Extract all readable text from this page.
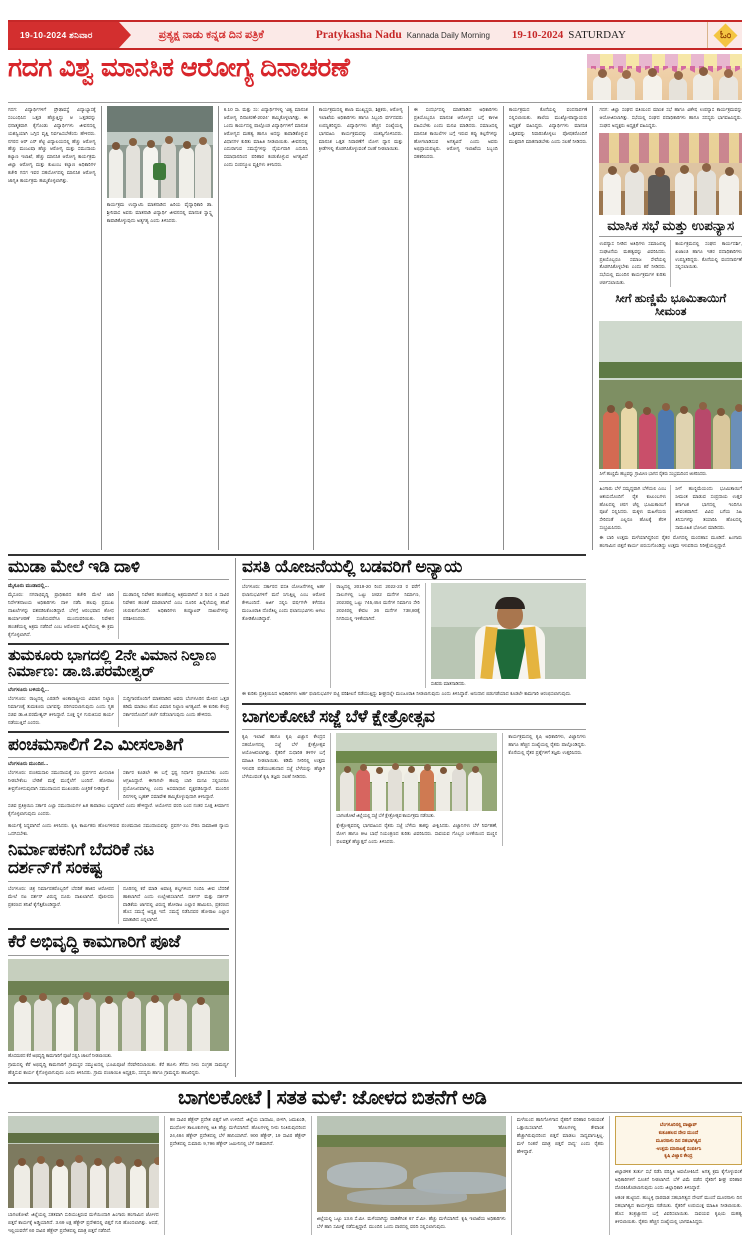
19-10-2024 ಶನಿವಾರ	ಪ್ರತ್ಯಕ್ಷ ನಾಡು ಕನ್ನಡ ದಿನ ಪತ್ರಿಕೆ	Pratykasha Nadu Kannada Daily Morning 19-10-2024 SATURDAY	ಓಂ
ಗದಗ ವಿಶ್ವ ಮಾನಸಿಕ ಆರೋಗ್ಯ ದಿನಾಚರಣೆ
ಗದಗ: ವಿದ್ಯಾರ್ಥಿಗಳಿಗೆ ಪ್ರೌಢಾವಸ್ಥೆ ವಿದ್ಯಾಭ್ಯಾಸಕ್ಕೆ ಸಂಬಂಧಿಸಿದ ಒತ್ತಡ ಹೆಚ್ಚುತ್ತಿದ್ದು ಆ ಒತ್ತಡವನ್ನು ಧನಾತ್ಮಕವಾಗಿ ಕೈಗೊಂಡು ವಿದ್ಯಾರ್ಥಿಗಳು ಜೀವನದಲ್ಲಿ ಯಶಸ್ವಿಯಾಗಿ ಒಗ್ಗಿದ ವೃತ್ತಿ ನಿರ್ವಹಿಸಬೇಕೆಂದು ಹೇಳಿದರು. ನಗರದ ಆರ್ ಎನ್ ಶೆಟ್ಟಿ ವಿದ್ಯಾಲಯದಲ್ಲಿ ಹೆಚ್ಚು ಆರೋಗ್ಯ ಹೆಚ್ಚು ಮಂಜುಷಾ ಹೆಚ್ಚು ಆರೋಗ್ಯ ಮತ್ತು ಸಮುದಾಯ ಕಲ್ಯಾಣ ಇಲಾಖೆ, ಹೆಚ್ಚು ಮಾನಸಿಕ ಆರೋಗ್ಯ ಕಾರ್ಯಕ್ರಮ ಜಿಲ್ಲಾ ಆರೋಗ್ಯ ಮತ್ತು ಕುಟುಂಬ ಕಲ್ಯಾಣ ಅಧಿಕಾರಿಗಳ ಕಚೇರಿ ಗದಗ ಇವರ ಸಹಯೋಗದಲ್ಲಿ ಮಾನಸಿಕ ಆರೋಗ್ಯ ಜಾಗೃತಿ ಕಾರ್ಯಕ್ರಮ ಹಮ್ಮಿಕೊಳ್ಳಲಾಗಿತ್ತು.
ಕಾರ್ಯಕ್ರಮ ಉದ್ಘಾಟಿಸಿ ಮಾತನಾಡಿದ ಹಿರಿಯ ವೈದ್ಯಾಧಿಕಾರಿ ಡಾ. ಶ್ರೀನಿವಾಸ ಅವರು ಮಾತನಾಡಿ ವಿದ್ಯಾರ್ಥಿ ಜೀವನದಲ್ಲಿ ಮಾನಸಿಕ ಸ್ವಾಸ್ಥ್ಯ ಕಾಪಾಡಿಕೊಳ್ಳುವುದು ಅತ್ಯಗತ್ಯ ಎಂದು ತಿಳಿಸಿದರು.
6.10 ಸಾ. ಮತ್ತು ಸಂ: ವಿದ್ಯಾರ್ಥಿಗಳಲ್ಲಿ 'ವಿಶ್ವ ಮಾನಸಿಕ ಆರೋಗ್ಯ ದಿನಾಚರಣೆ-2024' ಹಮ್ಮಿಕೊಳ್ಳಲಾಗಿತ್ತು. ಈ ಒಂದು ಕಾರ್ಯದಲ್ಲಿ ಪಾಲ್ಗೊಂಡ ವಿದ್ಯಾರ್ಥಿಗಳಿಗೆ ಮಾನಸಿಕ ಆರೋಗ್ಯದ ಮಹತ್ವ ಹಾಗೂ ಅದನ್ನು ಕಾಪಾಡಿಕೊಳ್ಳುವ ವಿಧಾನಗಳ ಕುರಿತು ಮಾಹಿತಿ ನೀಡಲಾಯಿತು. ಜೀವನದಲ್ಲಿ ಎದುರಾಗುವ ಸಮಸ್ಯೆಗಳನ್ನು ಧೈರ್ಯವಾಗಿ ಎದುರಿಸಿ ಸಮಾಧಾನದಿಂದ ಪರಿಹಾರ ಕಂಡುಕೊಳ್ಳುವ ಅಗತ್ಯವಿದೆ ಎಂದು ಸಂಪನ್ಮೂಲ ವ್ಯಕ್ತಿಗಳು ತಿಳಿಸಿದರು.
ಕಾರ್ಯಕ್ರಮದಲ್ಲಿ ಶಾಲಾ ಮುಖ್ಯಸ್ಥರು, ಶಿಕ್ಷಕರು, ಆರೋಗ್ಯ ಇಲಾಖೆಯ ಅಧಿಕಾರಿಗಳು ಹಾಗೂ ಸಿಬ್ಬಂದಿ ವರ್ಗದವರು ಉಪಸ್ಥಿತರಿದ್ದರು. ವಿದ್ಯಾರ್ಥಿಗಳು ಹೆಚ್ಚಿನ ಸಂಖ್ಯೆಯಲ್ಲಿ ಭಾಗವಹಿಸಿ ಕಾರ್ಯಕ್ರಮವನ್ನು ಯಶಸ್ವಿಗೊಳಿಸಿದರು. ಮಾನಸಿಕ ಒತ್ತಡ ನಿವಾರಣೆಗೆ ಯೋಗ ಧ್ಯಾನ ಮತ್ತು ಕ್ರೀಡೆಗಳಲ್ಲಿ ತೊಡಗಿಸಿಕೊಳ್ಳುವಂತೆ ಸಲಹೆ ನೀಡಲಾಯಿತು.
ಈ ಸಂದರ್ಭದಲ್ಲಿ ಮಾತನಾಡಿದ ಅಧಿಕಾರಿಗಳು ಪ್ರತಿಯೊಬ್ಬರೂ ಮಾನಸಿಕ ಆರೋಗ್ಯದ ಬಗ್ಗೆ ಕಾಳಜಿ ವಹಿಸಬೇಕು ಎಂದು ಮನವಿ ಮಾಡಿದರು. ಸಮಾಜದಲ್ಲಿ ಮಾನಸಿಕ ಕಾಯಿಲೆಗಳ ಬಗ್ಗೆ ಇರುವ ತಪ್ಪು ಕಲ್ಪನೆಗಳನ್ನು ಹೋಗಲಾಡಿಸುವ ಅಗತ್ಯವಿದೆ ಎಂದು ಅವರು ಅಭಿಪ್ರಾಯಪಟ್ಟರು. ಆರೋಗ್ಯ ಇಲಾಖೆಯ ಸಿಬ್ಬಂದಿ ಸಹಕರಿಸಿದರು.
ಕಾರ್ಯಕ್ರಮದ ಕೊನೆಯಲ್ಲಿ ವಂದನಾರ್ಪಣೆ ಸಲ್ಲಿಸಲಾಯಿತು. ಶಾಲೆಯ ಮುಖ್ಯೋಪಾಧ್ಯಾಯರು ಅಧ್ಯಕ್ಷತೆ ವಹಿಸಿದ್ದರು. ವಿದ್ಯಾರ್ಥಿಗಳು ಮಾನಸಿಕ ಒತ್ತಡವನ್ನು ನಿವಾರಿಸಿಕೊಳ್ಳಲು ಪೋಷಕರೊಂದಿಗೆ ಮುಕ್ತವಾಗಿ ಮಾತನಾಡಬೇಕು ಎಂದು ಸಲಹೆ ನೀಡಿದರು.
ಗದಗ: ಜಿಲ್ಲಾ ಸಂಘದ ವತಿಯಿಂದ ಮಾಸಿಕ ಸಭೆ ಹಾಗೂ ವಿಶೇಷ ಉಪನ್ಯಾಸ ಕಾರ್ಯಕ್ರಮವನ್ನು ಆಯೋಜಿಸಲಾಗಿತ್ತು. ಸಭೆಯಲ್ಲಿ ಸಂಘದ ಪದಾಧಿಕಾರಿಗಳು ಹಾಗೂ ಸದಸ್ಯರು ಭಾಗವಹಿಸಿದ್ದರು. ಸಂಘದ ಅಧ್ಯಕ್ಷರು ಅಧ್ಯಕ್ಷತೆ ವಹಿಸಿದ್ದರು.
ಮಾಸಿಕ ಸಭೆ ಮತ್ತು ಉಪನ್ಯಾಸ
ಉಪನ್ಯಾಸ ನೀಡಿದ ಅತಿಥಿಗಳು ಸಮಾಜದಲ್ಲಿ ಸಂಘಟನೆಯ ಮಹತ್ವವನ್ನು ವಿವರಿಸಿದರು. ಪ್ರತಿಯೊಬ್ಬರೂ ಸಮಾಜ ಸೇವೆಯಲ್ಲಿ ತೊಡಗಿಸಿಕೊಳ್ಳಬೇಕು ಎಂದು ಕರೆ ನೀಡಿದರು. ಸಭೆಯಲ್ಲಿ ಮುಂದಿನ ಕಾರ್ಯಕ್ರಮಗಳ ಕುರಿತು ಚರ್ಚಿಸಲಾಯಿತು.
ಕಾರ್ಯಕ್ರಮದಲ್ಲಿ ಸಂಘದ ಕಾರ್ಯದರ್ಶಿ, ಖಜಾಂಚಿ ಹಾಗೂ ಇತರ ಪದಾಧಿಕಾರಿಗಳು ಉಪಸ್ಥಿತರಿದ್ದರು. ಕೊನೆಯಲ್ಲಿ ವಂದನಾರ್ಪಣೆ ಸಲ್ಲಿಸಲಾಯಿತು.
ಸೀಗೆ ಹುಣ್ಣಿಮೆ ಭೂಮಿತಾಯಿಗೆ ಸೀಮಂತ
ಸೀಗೆ ಹುಣ್ಣಿಮೆ ಹಬ್ಬವನ್ನು ಗ್ರಾಮೀಣ ಭಾಗದ ರೈತರು ಸಂಭ್ರಮದಿಂದ ಆಚರಿಸಿದರು.
ಹಿಂಗಾರು ಬೆಳೆ ಸಮೃದ್ಧವಾಗಿ ಬೆಳೆಯಲಿ ಎಂಬ ಆಶಯದೊಂದಿಗೆ ರೈತ ಕುಟುಂಬಗಳು ಹೊಲದಲ್ಲಿ ಚರಗ ಚೆಲ್ಲಿ ಭೂಮಿತಾಯಿಗೆ ಪೂಜೆ ಸಲ್ಲಿಸಿದರು. ಮಕ್ಕಳು ಮಹಿಳೆಯರು ಸೇರಿದಂತೆ ಎಲ್ಲರೂ ಹೊಲಕ್ಕೆ ತೆರಳಿ ಸಂಭ್ರಮಿಸಿದರು.
ಸೀಗೆ ಹುಣ್ಣಿಮೆಯಂದು ಭೂಮಿತಾಯಿಗೆ ಸೀಮಂತ ಮಾಡುವ ಸಂಪ್ರದಾಯ ಉತ್ತರ ಕರ್ನಾಟಕ ಭಾಗದಲ್ಲಿ ಇಂದಿಗೂ ಜೀವಂತವಾಗಿದೆ. ವಿವಿಧ ಬಗೆಯ ಸಿಹಿ ತಿನಿಸುಗಳನ್ನು ತಯಾರಿಸಿ ಹೊಲದಲ್ಲಿ ಸಾಮೂಹಿಕ ಭೋಜನ ಮಾಡಿದರು.
ಈ ಬಾರಿ ಉತ್ತಮ ಮಳೆಯಾಗಿದ್ದರಿಂದ ರೈತರ ಮೊಗದಲ್ಲಿ ಮಂದಹಾಸ ಮೂಡಿದೆ. ಹಿಂಗಾರು ಹಂಗಾಮಿನ ಬಿತ್ತನೆ ಕಾರ್ಯ ಬಿರುಸುಗೊಂಡಿದ್ದು ಉತ್ತಮ ಇಳುವರಿಯ ನಿರೀಕ್ಷೆಯಲ್ಲಿದ್ದಾರೆ.
ಮುಡಾ ಮೇಲೆ ಇಡಿ ದಾಳಿ
ಮೈಸೂರು ಮುಡಾದಲ್ಲಿ...
ಮೈಸೂರು: ನಗರಾಭಿವೃದ್ಧಿ ಪ್ರಾಧಿಕಾರದ ಕಚೇರಿ ಮೇಲೆ ಜಾರಿ ನಿರ್ದೇಶನಾಲಯ ಅಧಿಕಾರಿಗಳು ದಾಳಿ ನಡೆಸಿ ಹಲವು ಪ್ರಮುಖ ದಾಖಲೆಗಳನ್ನು ವಶಪಡಿಸಿಕೊಂಡಿದ್ದಾರೆ. ಬೆಳಗ್ಗೆ ಆರಂಭವಾದ ಶೋಧ ಕಾರ್ಯಾಚರಣೆ ಸಂಜೆಯವರೆಗೂ ಮುಂದುವರಿಯಿತು. ನಿವೇಶನ ಹಂಚಿಕೆಯಲ್ಲಿ ಅಕ್ರಮ ನಡೆದಿದೆ ಎಂಬ ಆರೋಪದ ಹಿನ್ನೆಲೆಯಲ್ಲಿ ಈ ಕ್ರಮ ಕೈಗೊಳ್ಳಲಾಗಿದೆ.
ಮುಡಾದಲ್ಲಿ ನಿವೇಶನ ಹಂಚಿಕೆಯಲ್ಲಿ ಅಕ್ರಮವಾಗಿದೆ 3 ರಿಂದ 4 ಸಾವಿರ ನಿವೇಶನ ಹಂಚಿಕೆ ಮಾಡಲಾಗಿದೆ ಎಂಬ ದೂರಿನ ಹಿನ್ನೆಲೆಯಲ್ಲಿ ತನಿಖೆ ಚುರುಕುಗೊಂಡಿದೆ. ಅಧಿಕಾರಿಗಳು ಕಂಪ್ಯೂಟರ್ ದಾಖಲೆಗಳನ್ನು ಪರಿಶೀಲಿಸಿದರು.
ತುಮಕೂರು ಭಾಗದಲ್ಲಿ 2ನೇ ವಿಮಾನ ನಿಲ್ದಾಣ ನಿರ್ಮಾಣ: ಡಾ.ಜಿ.ಪರಮೇಶ್ವರ್
ಬೆಂಗಳೂರು ಬಳಿಯಲ್ಲಿ...
ಬೆಂಗಳೂರು: ರಾಜ್ಯದಲ್ಲಿ ಎರಡನೇ ಅಂತಾರಾಷ್ಟ್ರೀಯ ವಿಮಾನ ನಿಲ್ದಾಣ ನಿರ್ಮಾಣಕ್ಕೆ ತುಮಕೂರು ಭಾಗವನ್ನು ಪರಿಗಣಿಸಲಾಗುವುದು ಎಂದು ಗೃಹ ಸಚಿವ ಡಾ.ಜಿ.ಪರಮೇಶ್ವರ್ ತಿಳಿಸಿದ್ದಾರೆ. ಸೂಕ್ತ ಸ್ಥಳ ಗುರುತಿಸುವ ಕಾರ್ಯ ನಡೆಯುತ್ತಿದೆ ಎಂದರು.
ಸುದ್ದಿಗಾರರೊಂದಿಗೆ ಮಾತನಾಡಿದ ಅವರು ಬೆಂಗಳೂರಿನ ಮೇಲಿನ ಒತ್ತಡ ಕಡಿಮೆ ಮಾಡಲು ಹೊಸ ವಿಮಾನ ನಿಲ್ದಾಣ ಅಗತ್ಯವಿದೆ. ಈ ಕುರಿತು ಕೇಂದ್ರ ಸರ್ಕಾರದೊಂದಿಗೆ ಚರ್ಚೆ ನಡೆಸಲಾಗುವುದು ಎಂದು ಹೇಳಿದರು.
ಪಂಚಮಸಾಲಿಗೆ 2ಎ ಮೀಸಲಾತಿಗೆ
ಬೆಂಗಳೂರು ಮುಂದಿನ...
ಬೆಂಗಳೂರು: ಪಂಚಮಸಾಲಿ ಸಮುದಾಯಕ್ಕೆ 2ಎ ಪ್ರವರ್ಗದ ಮೀಸಲಾತಿ ನೀಡಬೇಕೆಂಬ ಬೇಡಿಕೆ ಮತ್ತೆ ಮುನ್ನೆಲೆಗೆ ಬಂದಿದೆ. ಹೋರಾಟ ತೀವ್ರಗೊಳಿಸುವುದಾಗಿ ಸಮುದಾಯದ ಮುಖಂಡರು ಎಚ್ಚರಿಕೆ ನೀಡಿದ್ದಾರೆ.
ಸರ್ಕಾರ ಕೂಡಲೇ ಈ ಬಗ್ಗೆ ಸ್ಪಷ್ಟ ನಿರ್ಧಾರ ಪ್ರಕಟಿಸಬೇಕು ಎಂದು ಆಗ್ರಹಿಸಿದ್ದಾರೆ. ಈಗಾಗಲೇ ಹಲವು ಬಾರಿ ಮನವಿ ಸಲ್ಲಿಸಿದರೂ ಪ್ರಯೋಜನವಾಗಿಲ್ಲ ಎಂದು ಅಸಮಾಧಾನ ವ್ಯಕ್ತಪಡಿಸಿದ್ದಾರೆ. ಮುಂದಿನ ದಿನಗಳಲ್ಲಿ ಬೃಹತ್ ಸಮಾವೇಶ ಹಮ್ಮಿಕೊಳ್ಳುವುದಾಗಿ ತಿಳಿಸಿದ್ದಾರೆ.
ಸಚಿವ ಪ್ರತಿಕ್ರಿಯಿಸಿ ಸರ್ಕಾರ ಎಲ್ಲಾ ಸಮುದಾಯಗಳ ಹಿತ ಕಾಪಾಡಲು ಬದ್ಧವಾಗಿದೆ ಎಂದು ಹೇಳಿದ್ದಾರೆ. ಆಯೋಗದ ವರದಿ ಬಂದ ನಂತರ ಸೂಕ್ತ ತೀರ್ಮಾನ ಕೈಗೊಳ್ಳಲಾಗುವುದು ಎಂದರು.
ಕಾರ್ಯಕ್ಕೆ ಸಿದ್ಧವಾಗಿದೆ ಎಂದು ತಿಳಿಸಿದರು. ಕೃಷಿ ಕಾರ್ಮಿಕರು ಹೊಲಗಳಿರುವ ಪಂಚಮಸಾಲಿ ಸಮುದಾಯವನ್ನು ಪ್ರವರ್ಗ-2ಎ ಸೇರಿಸಿ ಸಾಮಾಜಿಕ ನ್ಯಾಯ ಒದಗಿಸಬೇಕು.
ನಿರ್ಮಾಪಕನಿಗೆ ಬೆದರಿಕೆ ನಟ
ದರ್ಶನ್‌ಗೆ ಸಂಕಷ್ಟ
ಬೆಂಗಳೂರು: ಚಿತ್ರ ನಿರ್ಮಾಪಕರೊಬ್ಬರಿಗೆ ಬೆದರಿಕೆ ಹಾಕಿದ ಆರೋಪದ ಮೇಲೆ ನಟ ದರ್ಶನ್ ವಿರುದ್ಧ ದೂರು ದಾಖಲಾಗಿದೆ. ಪೊಲೀಸರು ಪ್ರಕರಣದ ತನಿಖೆ ಕೈಗೆತ್ತಿಕೊಂಡಿದ್ದಾರೆ.
ದೂರಿನಲ್ಲಿ ಕರೆ ಮಾಡಿ ಅವಾಚ್ಯ ಶಬ್ದಗಳಿಂದ ನಿಂದಿಸಿ ಜೀವ ಬೆದರಿಕೆ ಹಾಕಲಾಗಿದೆ ಎಂದು ಉಲ್ಲೇಖಿಸಲಾಗಿದೆ. ದರ್ಶನ್ ಮತ್ತು ದರ್ಶನ್ ವಾಡಿಕೆಯ ಜಾಗದಲ್ಲಿ ವಿರುದ್ಧ ಹೋರಾಟ ಎಲ್ಲಾರ ಹಾಮಿಲಿಸಿ, ಪ್ರಕರಣದ ಹೊಸ ಸಮಸ್ಯೆ ಅಧ್ಯಕ್ಷ ಇದೆ. ಸಮಸ್ಯೆ ನಡೆಸಿದವರ ಹೋರಾಟ ಎಲ್ಲಾರ ಮಾತಾಡಿದ ಎನ್ನಲಾಗಿದೆ.
ಕೆರೆ ಅಭಿವೃದ್ಧಿ ಕಾಮಗಾರಿಗೆ ಪೂಜೆ
ಹೊಸಮಠದ ಕೆರೆ ಅಭಿವೃದ್ಧಿ ಕಾಮಗಾರಿಗೆ ಪೂಜೆ ಸಲ್ಲಿಸಿ ಚಾಲನೆ ನೀಡಲಾಯಿತು.
ಗ್ರಾಮದಲ್ಲಿ ಕೆರೆ ಅಭಿವೃದ್ಧಿ ಕಾಮಗಾರಿಗೆ ಗ್ರಾಮಸ್ಥರ ಸಮ್ಮುಖದಲ್ಲಿ ಭೂಮಿಪೂಜೆ ನೆರವೇರಿಸಲಾಯಿತು. ಕೆರೆ ಹೂಳು ತೆಗೆದು ನೀರು ಸಂಗ್ರಹ ಸಾಮರ್ಥ್ಯ ಹೆಚ್ಚಿಸುವ ಕಾರ್ಯ ಕೈಗೊಳ್ಳಲಾಗುವುದು ಎಂದು ತಿಳಿಸಿದರು. ಗ್ರಾಮ ಪಂಚಾಯಿತಿ ಅಧ್ಯಕ್ಷರು, ಸದಸ್ಯರು ಹಾಗೂ ಗ್ರಾಮಸ್ಥರು ಹಾಜರಿದ್ದರು.
ವಸತಿ ಯೋಜನೆಯಲ್ಲಿ ಬಡವರಿಗೆ ಅನ್ಯಾಯ
ಬೆಂಗಳೂರು: ಸರ್ಕಾರದ ವಸತಿ ಯೋಜನೆಗಳಲ್ಲಿ ಅರ್ಹ ಫಲಾನುಭವಿಗಳಿಗೆ ಮನೆ ಸಿಗುತ್ತಿಲ್ಲ ಎಂಬ ಆರೋಪ ಕೇಳಿಬಂದಿದೆ. ಅರ್ಜಿ ಸಲ್ಲಿಸಿ ವರ್ಷಗಳೇ ಕಳೆದರೂ ಮಂಜೂರಾತಿ ದೊರೆತಿಲ್ಲ ಎಂದು ಫಲಾನುಭವಿಗಳು ಅಳಲು ತೋಡಿಕೊಂಡಿದ್ದಾರೆ.
ರಾಜ್ಯದಲ್ಲಿ 2019-20 ರಿಂದ 2022-23 ರ ವರೆಗೆ ಸಾಲುಗಳಲ್ಲಿ ಒಟ್ಟು 1822 ಮನೆಗಳ ನಿರ್ಮಾಣ, 2023ರಲ್ಲಿ ಒಟ್ಟು 745,454 ಮನೆಗಳ ನಿರ್ಮಾಣ ಸೇರಿ 2024ರಲ್ಲಿ ಕೇವಲ 26 ಮನೆಗಳ 738,80ಕ್ಕೆ ನಿಗದಿಯಲ್ಲಿ ಇಳಿಕೆಯಾಗಿದೆ.
ಸಚಿವರು ಮಾತನಾಡಿದರು.
ಈ ಕುರಿತು ಪ್ರತಿಕ್ರಿಯಿಸಿದ ಅಧಿಕಾರಿಗಳು ಅರ್ಹ ಫಲಾನುಭವಿಗಳ ಪಟ್ಟಿ ಪರಿಶೀಲನೆ ನಡೆಯುತ್ತಿದ್ದು ಶೀಘ್ರದಲ್ಲೇ ಮಂಜೂರಾತಿ ನೀಡಲಾಗುವುದು ಎಂದು ತಿಳಿಸಿದ್ದಾರೆ. ಅನುದಾನ ಬಿಡುಗಡೆಯಾದ ಕೂಡಲೇ ಕಾಮಗಾರಿ ಆರಂಭಿಸಲಾಗುವುದು.
ಬಾಗಲಕೋಟೆ ಸಜ್ಜೆ ಬೆಳೆ ಕ್ಷೇತ್ರೋತ್ಸವ
ಕೃಷಿ ಇಲಾಖೆ ಹಾಗೂ ಕೃಷಿ ವಿಜ್ಞಾನ ಕೇಂದ್ರದ ಸಹಯೋಗದಲ್ಲಿ ಸಜ್ಜೆ ಬೆಳೆ ಕ್ಷೇತ್ರೋತ್ಸವ ಆಯೋಜಿಸಲಾಗಿತ್ತು. ರೈತರಿಗೆ ಸುಧಾರಿತ ತಳಿಗಳ ಬಗ್ಗೆ ಮಾಹಿತಿ ನೀಡಲಾಯಿತು. ಕಡಿಮೆ ನೀರಿನಲ್ಲಿ ಉತ್ತಮ ಇಳುವರಿ ಪಡೆಯಬಹುದಾದ ಸಜ್ಜೆ ಬೆಳೆಯನ್ನು ಹೆಚ್ಚಾಗಿ ಬೆಳೆಯುವಂತೆ ಕೃಷಿ ತಜ್ಞರು ಸಲಹೆ ನೀಡಿದರು.
ಬಾಗಲಕೋಟೆ ಜಿಲ್ಲೆಯಲ್ಲಿ ಸಜ್ಜೆ ಬೆಳೆ ಕ್ಷೇತ್ರೋತ್ಸವ ಕಾರ್ಯಕ್ರಮ ನಡೆಯಿತು.
ಕ್ಷೇತ್ರೋತ್ಸವದಲ್ಲಿ ಭಾಗವಹಿಸಿದ ರೈತರು ಸಜ್ಜೆ ಬೆಳೆಯ ತಾಕನ್ನು ವೀಕ್ಷಿಸಿದರು. ವಿಜ್ಞಾನಿಗಳು ಬೆಳೆ ನಿರ್ವಹಣೆ, ರೋಗ ಹಾಗೂ ಕೀಟ ಬಾಧೆ ನಿಯಂತ್ರಣದ ಕುರಿತು ವಿವರಿಸಿದರು. ಸಾವಯವ ಗೊಬ್ಬರ ಬಳಕೆಯಿಂದ ಮಣ್ಣಿನ ಫಲವತ್ತತೆ ಹೆಚ್ಚುತ್ತದೆ ಎಂದು ತಿಳಿಸಿದರು.
ಕಾರ್ಯಕ್ರಮದಲ್ಲಿ ಕೃಷಿ ಅಧಿಕಾರಿಗಳು, ವಿಜ್ಞಾನಿಗಳು ಹಾಗೂ ಹೆಚ್ಚಿನ ಸಂಖ್ಯೆಯಲ್ಲಿ ರೈತರು ಪಾಲ್ಗೊಂಡಿದ್ದರು. ಕೊನೆಯಲ್ಲಿ ರೈತರ ಪ್ರಶ್ನೆಗಳಿಗೆ ತಜ್ಞರು ಉತ್ತರಿಸಿದರು.
ಬಾಗಲಕೋಟೆ | ಸತತ ಮಳೆ: ಜೋಳದ ಬಿತನೆಗೆ ಅಡಿ
ಬಾಗಲಕೋಟೆ: ಜಿಲ್ಲೆಯಲ್ಲಿ ಸತತವಾಗಿ ಸುರಿಯುತ್ತಿರುವ ಮಳೆಯಿಂದಾಗಿ ಹಿಂಗಾರು ಹಂಗಾಮಿನ ಜೋಳದ ಬಿತ್ತನೆ ಕಾರ್ಯಕ್ಕೆ ಅಡ್ಡಿಯಾಗಿದೆ. 3.69 ಲಕ್ಷ ಹೆಕ್ಟೇರ್ ಪ್ರದೇಶದಲ್ಲಿ ಬಿತ್ತನೆ ಗುರಿ ಹೊಂದಲಾಗಿತ್ತು. ಆದರೆ, ಇಲ್ಲಿಯವರೆಗೆ 60 ಸಾವಿರ ಹೆಕ್ಟೇರ್ ಪ್ರದೇಶದಲ್ಲಿ ಮಾತ್ರ ಬಿತ್ತನೆ ನಡೆದಿದೆ.
98 ಸಾವಿರ ಹೆಕ್ಟೇರ್ ಪ್ರದೇಶ ಬಿತ್ತನೆ ಆಗಿ ಉಳಿದಿದೆ. ಜಿಲ್ಲೆಯ ಬಾದಾಮಿ, ಬೀಳಗಿ, ಜಮಖಂಡಿ, ಮುಧೋಳ ತಾಲೂಕುಗಳಲ್ಲಿ ಅತಿ ಹೆಚ್ಚು ಮಳೆಯಾಗಿದೆ. ಹೊಲಗಳಲ್ಲಿ ನೀರು ನಿಂತಿರುವುದರಿಂದ 24,484 ಹೆಕ್ಟೇರ್ ಪ್ರದೇಶದಲ್ಲಿ ಬೆಳೆ ಹಾನಿಯಾಗಿದೆ. 900 ಹೆಕ್ಟೇರ್, 19 ಸಾವಿರ ಹೆಕ್ಟೇರ್ ಪ್ರದೇಶದಲ್ಲಿ ಸುಮಾರು 9,796 ಹೆಕ್ಟೇರ್ ಜಮೀನಿನಲ್ಲಿ ಬೆಳೆ ನಾಶವಾಗಿದೆ.
ಜಿಲ್ಲೆಯಲ್ಲಿ ಒಟ್ಟು 13.6 ಸೆ.ಮೀ. ಮಳೆಯಾಗಿದ್ದು ವಾಡಿಕೆಗಿಂತ 67 ಸೆ.ಮೀ. ಹೆಚ್ಚು ಮಳೆಯಾಗಿದೆ. ಕೃಷಿ ಇಲಾಖೆಯ ಅಧಿಕಾರಿಗಳು ಬೆಳೆ ಹಾನಿ ಸಮೀಕ್ಷೆ ನಡೆಸುತ್ತಿದ್ದಾರೆ. ಮುಂದಿನ ಒಂದು ವಾರದಲ್ಲಿ ವರದಿ ಸಲ್ಲಿಸಲಾಗುವುದು.
ಮಳೆಯಿಂದ ಹಾನಿಗೊಳಗಾದ ರೈತರಿಗೆ ಪರಿಹಾರ ನೀಡುವಂತೆ ಒತ್ತಾಯಿಸಲಾಗಿದೆ. 'ಹೊಲಗಳಲ್ಲಿ ತೇವಾಂಶ ಹೆಚ್ಚಾಗಿರುವುದರಿಂದ ಬಿತ್ತನೆ ಮಾಡಲು ಸಾಧ್ಯವಾಗುತ್ತಿಲ್ಲ. ಮಳೆ ನಿಂತರೆ ಮಾತ್ರ ಬಿತ್ತನೆ ಸಾಧ್ಯ' ಎಂದು ರೈತರು ಹೇಳಿದ್ದಾರೆ.
ಬೆಂಗಳೂರಿನಲ್ಲಿ ವಾಟ್ಸಾಪ್
ಕುತೂಹಲದ ದೇಣಿ ಮುಂದೆ
ಮೂರನಾಳು ದಿನ ಸಹಭಾಗಿತ್ವದ
-ಉತ್ತಮ ಮಾರಾಟಕ್ಕೆ ಸಂಪರ್ಕಿಸಿ
ಕೃಷಿ ವಿಜ್ಞಾನ ಕೇಂದ್ರ
ಜಿಲ್ಲಾಡಳಿತ ತುರ್ತು ಸಭೆ ನಡೆಸಿ ಪರಿಸ್ಥಿತಿ ಅವಲೋಕಿಸಿದೆ. ಅಗತ್ಯ ಕ್ರಮ ಕೈಗೊಳ್ಳುವಂತೆ ಅಧಿಕಾರಿಗಳಿಗೆ ಸೂಚನೆ ನೀಡಲಾಗಿದೆ. ಬೆಳೆ ವಿಮೆ ಪಡೆದ ರೈತರಿಗೆ ಶೀಘ್ರ ಪರಿಹಾರ ದೊರಕಿಸಿಕೊಡಲಾಗುವುದು ಎಂದು ಜಿಲ್ಲಾಧಿಕಾರಿ ತಿಳಿಸಿದ್ದಾರೆ.
ಆತಂಕ ಹುಟ್ಟಿಸಿದ. ಹುಬ್ಬಳ್ಳಿ ಧಾರವಾಡ ಸಹಭಾಗಿತ್ವದ ದೇಣಿಗೆ ಮುಂದೆ ಮೂರನಾಳು ದಿನ ಸಹಭಾಗಿತ್ವದ ಕಾರ್ಯಕ್ರಮ ನಡೆಯಿತು. ರೈತರಿಗೆ ಉಪಯುಕ್ತ ಮಾಹಿತಿ ನೀಡಲಾಯಿತು. ಹೊಸ ತಂತ್ರಜ್ಞಾನದ ಬಗ್ಗೆ ವಿವರಿಸಲಾಯಿತು. ಸಾವಯವ ಕೃಷಿಯ ಮಹತ್ವ ತಿಳಿಸಲಾಯಿತು. ರೈತರು ಹೆಚ್ಚಿನ ಸಂಖ್ಯೆಯಲ್ಲಿ ಭಾಗವಹಿಸಿದ್ದರು.
